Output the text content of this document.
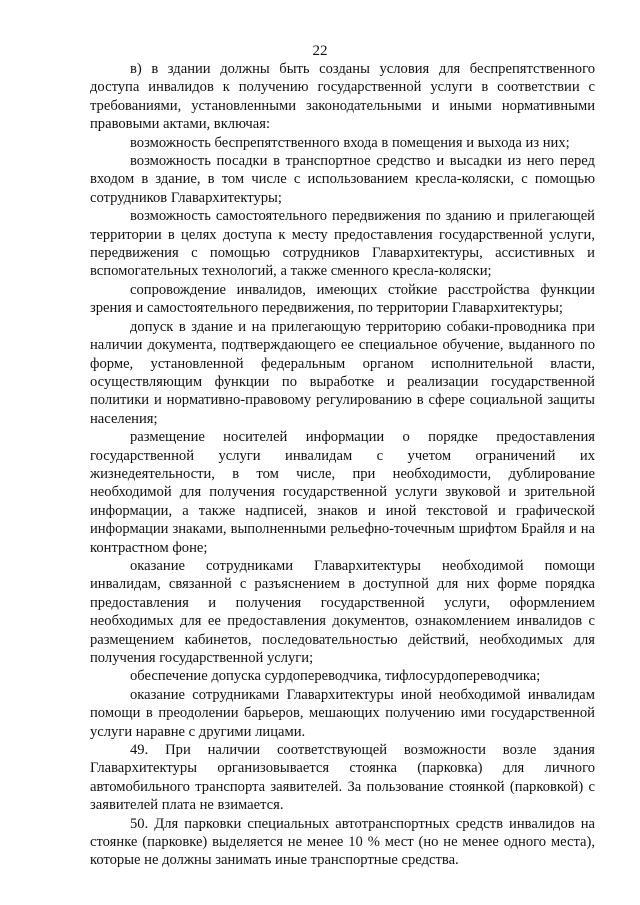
22

в) в здании должны быть созданы условия для беспрепятственного доступа инвалидов к получению государственной услуги в соответствии с требованиями, установленными законодательными и иными нормативными правовыми актами, включая:

возможность беспрепятственного входа в помещения и выхода из них;

возможность посадки в транспортное средство и высадки из него перед входом в здание, в том числе с использованием кресла-коляски, с помощью сотрудников Главархитектуры;

возможность самостоятельного передвижения по зданию и прилегающей территории в целях доступа к месту предоставления государственной услуги, передвижения с помощью сотрудников Главархитектуры, ассистивных и вспомогательных технологий, а также сменного кресла-коляски;

сопровождение инвалидов, имеющих стойкие расстройства функции зрения и самостоятельного передвижения, по территории Главархитектуры;

допуск в здание и на прилегающую территорию собаки-проводника при наличии документа, подтверждающего ее специальное обучение, выданного по форме, установленной федеральным органом исполнительной власти, осуществляющим функции по выработке и реализации государственной политики и нормативно-правовому регулированию в сфере социальной защиты населения;

размещение носителей информации о порядке предоставления государственной услуги инвалидам с учетом ограничений их жизнедеятельности, в том числе, при необходимости, дублирование необходимой для получения государственной услуги звуковой и зрительной информации, а также надписей, знаков и иной текстовой и графической информации знаками, выполненными рельефно-точечным шрифтом Брайля и на контрастном фоне;

оказание сотрудниками Главархитектуры необходимой помощи инвалидам, связанной с разъяснением в доступной для них форме порядка предоставления и получения государственной услуги, оформлением необходимых для ее предоставления документов, ознакомлением инвалидов с размещением кабинетов, последовательностью действий, необходимых для получения государственной услуги;

обеспечение допуска сурдопереводчика, тифлосурдопереводчика;

оказание сотрудниками Главархитектуры иной необходимой инвалидам помощи в преодолении барьеров, мешающих получению ими государственной услуги наравне с другими лицами.

49. При наличии соответствующей возможности возле здания Главархитектуры организовывается стоянка (парковка) для личного автомобильного транспорта заявителей. За пользование стоянкой (парковкой) с заявителей плата не взимается.

50. Для парковки специальных автотранспортных средств инвалидов на стоянке (парковке) выделяется не менее 10 % мест (но не менее одного места), которые не должны занимать иные транспортные средства.
